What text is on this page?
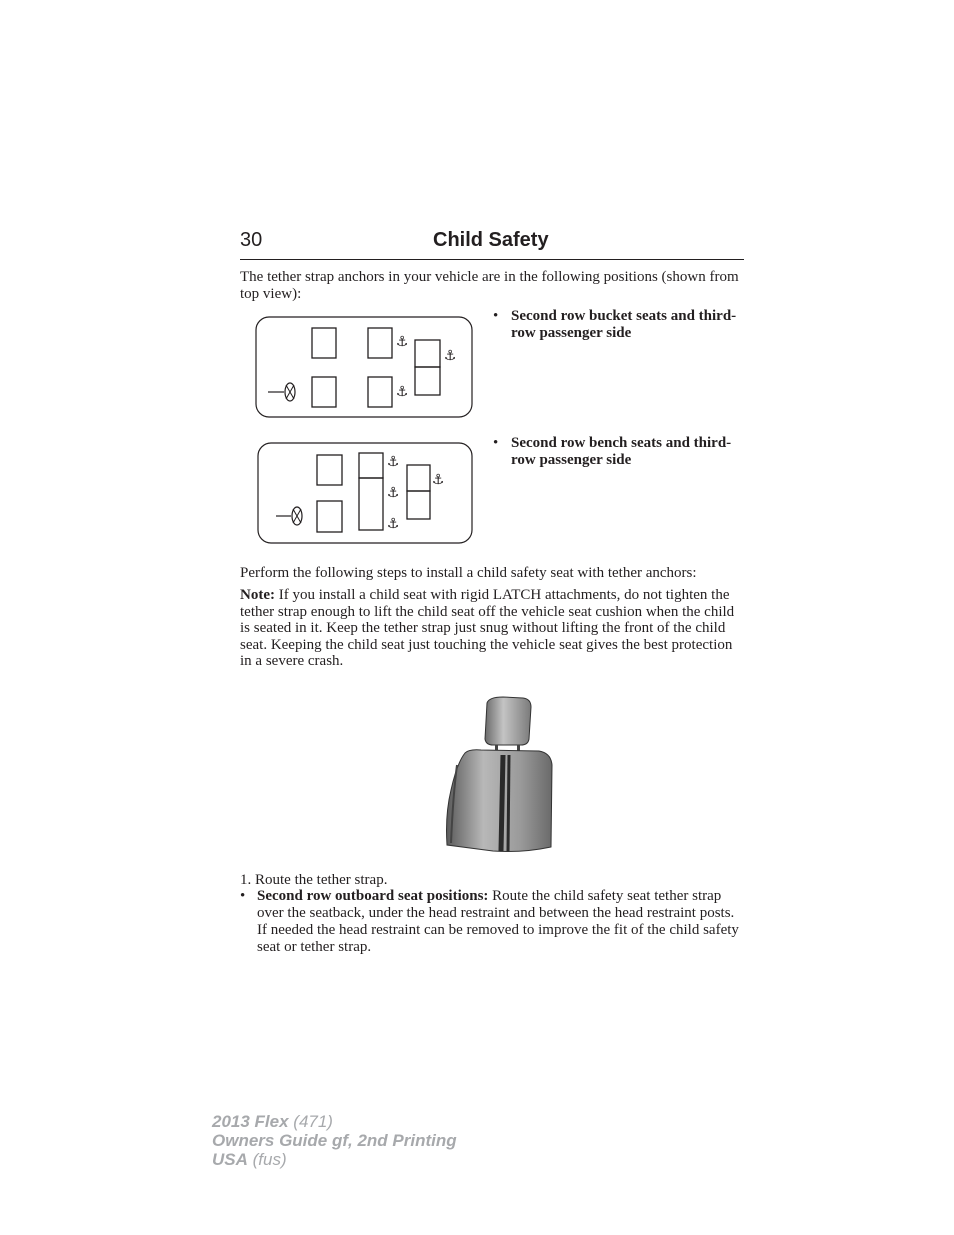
30	Child Safety

The tether strap anchors in your vehicle are in the following positions (shown from top view):

⚓
⚓
⚓
• Second row bucket seats and third-row passenger side
⚓
⚓
⚓
⚓
• Second row bench seats and third-row passenger side

Perform the following steps to install a child safety seat with tether anchors:

Note: If you install a child seat with rigid LATCH attachments, do not tighten the tether strap enough to lift the child seat off the vehicle seat cushion when the child is seated in it. Keep the tether strap just snug without lifting the front of the child seat. Keeping the child seat just touching the vehicle seat gives the best protection in a severe crash.

1. Route the tether strap.
• Second row outboard seat positions: Route the child safety seat tether strap over the seatback, under the head restraint and between the head restraint posts. If needed the head restraint can be removed to improve the fit of the child safety seat or tether strap.
2013 Flex (471)
Owners Guide gf, 2nd Printing
USA (fus)
